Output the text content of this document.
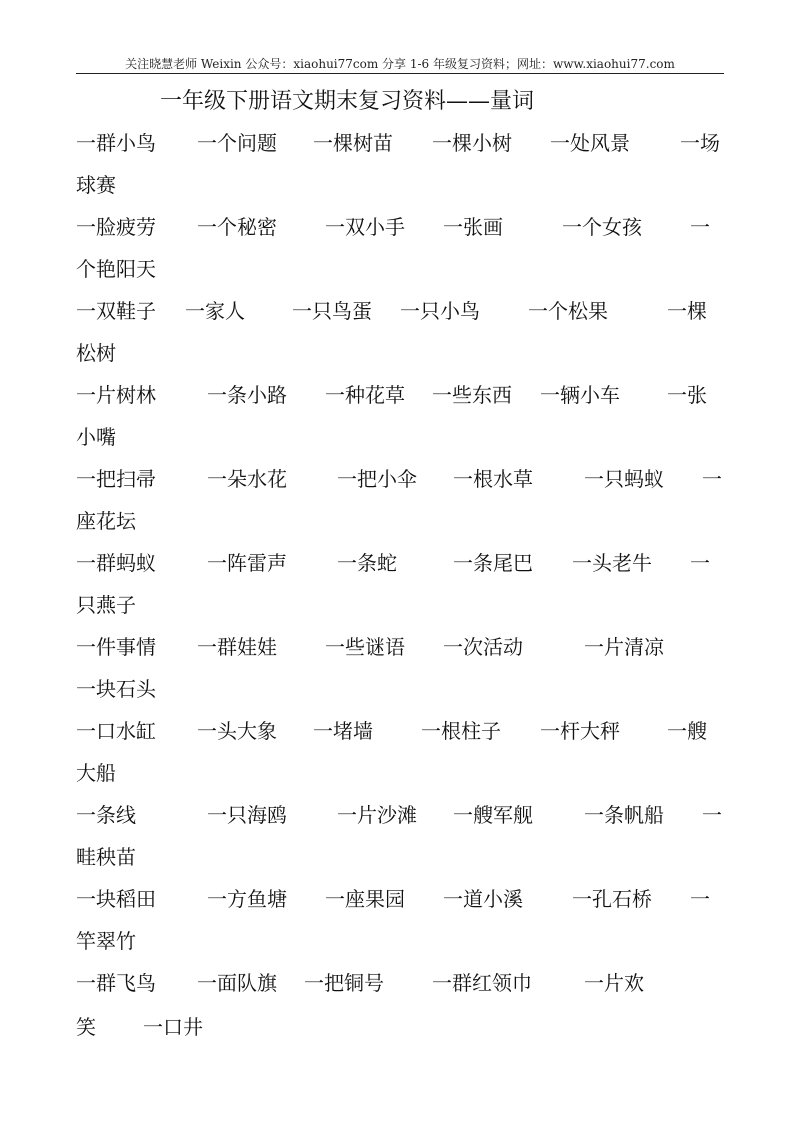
关注晓慧老师 Weixin 公众号：xiaohui77com 分享 1-6 年级复习资料；网址：www.xiaohui77.com
一年级下册语文期末复习资料——量词
一群小鸟 一个问题 一棵树苗 一棵小树 一处风景	一场
球赛
一脸疲劳 一个秘密 一双小手 一张画	一个女孩 一
个艳阳天
一双鞋子 一家人 一只鸟蛋 一只小鸟 一个松果	一棵
松树
一片树林	一条小路 一种花草 一些东西 一辆小车 一张
小嘴
一把扫帚	一朵水花	一把小伞 一根水草	一只蚂蚁 一
座花坛
一群蚂蚁	一阵雷声	一条蛇	一条尾巴 一头老牛 一
只燕子
一件事情 一群娃娃 一些谜语 一次活动	一片清凉
一块石头
一口水缸 一头大象 一堵墙 一根柱子 一杆大秤 一艘
大船
一条线	一只海鸥	一片沙滩 一艘军舰	一条帆船 一
畦秧苗
一块稻田	一方鱼塘 一座果园 一道小溪 一孔石桥 一
竿翠竹
一群飞鸟 一面队旗 一把铜号 一群红领巾	一片欢
笑 一口井
